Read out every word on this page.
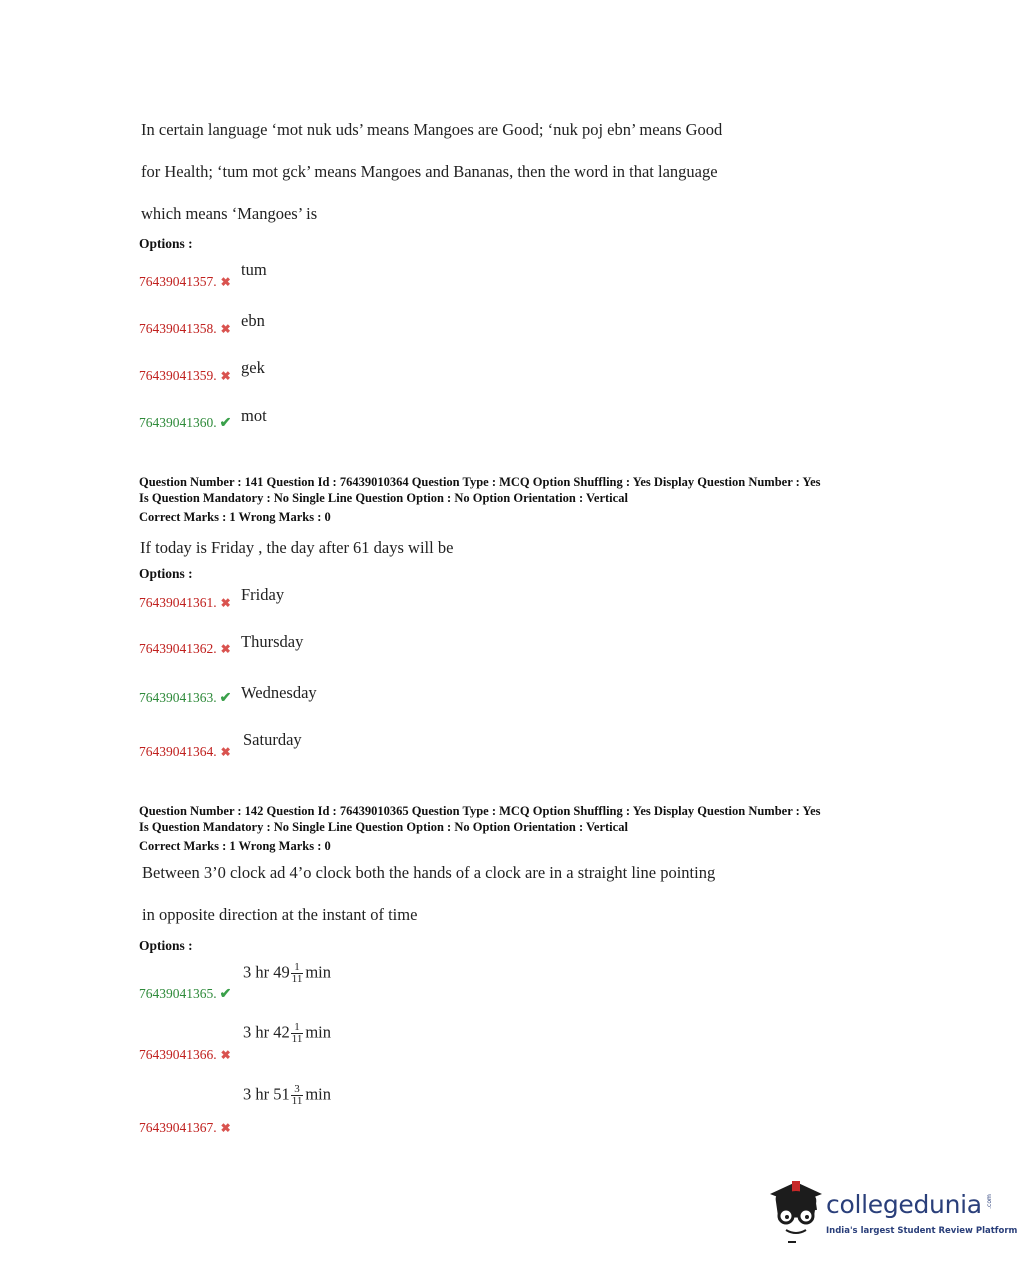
In certain language ‘mot nuk uds’ means Mangoes are Good; ‘nuk poj ebn’ means Good
for Health; ‘tum mot gck’ means Mangoes and Bananas, then the word in that language
which means ‘Mangoes’ is
Options :
76439041357. ✖
tum
76439041358. ✖ ebn
76439041359. ✖ gek
76439041360. ✔ mot
Question Number : 141 Question Id : 76439010364 Question Type : MCQ Option Shuffling : Yes Display Question Number : Yes
Is Question Mandatory : No Single Line Question Option : No Option Orientation : Vertical
Correct Marks : 1 Wrong Marks : 0
If today is Friday , the day after 61 days will be
Options :
76439041361. ✖ Friday
76439041362. ✖ Thursday
76439041363. ✔ Wednesday
76439041364. ✖
Saturday
Question Number : 142 Question Id : 76439010365 Question Type : MCQ Option Shuffling : Yes Display Question Number : Yes
Is Question Mandatory : No Single Line Question Option : No Option Orientation : Vertical
Correct Marks : 1 Wrong Marks : 0
Between 3’0 clock ad 4’o clock both the hands of a clock are in a straight line pointing
in opposite direction at the instant of time
Options :
76439041365. ✔
3 hr $49 \frac{1}{11}$ min
76439041366. ✖
3 hr $42 \frac{1}{11}$ min
76439041367. ✖
3 hr $51 \frac{3}{11}$ min
collegedunia .com
India's largest Student Review Platform
